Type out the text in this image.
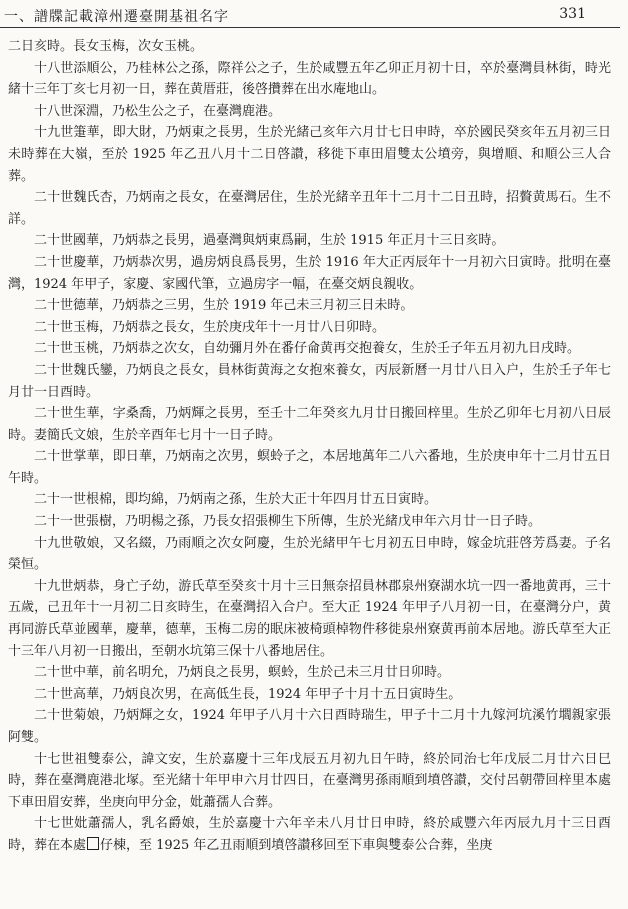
一、譜牒記載漳州遷臺開基祖名字	331

二日亥時。長女玉梅，次女玉桃。

十八世添順公，乃桂林公之孫，際祥公之子，生於咸豐五年乙卯正月初十日，卒於臺灣員林街，時光緒十三年丁亥七月初一日，葬在黄厝莊，後啓攢葬在出水庵地山。

十八世深淵，乃松生公之子，在臺灣鹿港。

十九世箑華，即大財，乃炳東之長男，生於光緒己亥年六月廿七日申時，卒於國民癸亥年五月初三日未時葬在大嶺，至於 1925 年乙丑八月十二日啓讃，移徙下車田眉雙太公墳旁，與增順、和順公三人合葬。

二十世魏氏杏，乃炳南之長女，在臺灣居住，生於光緒辛丑年十二月十二日丑時，招贅黄馬石。生不詳。

二十世國華，乃炳恭之長男，過臺灣與炳東爲嗣，生於 1915 年正月十三日亥時。

二十世慶華，乃炳恭次男，過房炳良爲長男，生於 1916 年大正丙辰年十一月初六日寅時。批明在臺灣，1924 年甲子，家慶、家國代筆，立過房字一幅，在臺交炳良親收。

二十世德華，乃炳恭之三男，生於 1919 年己未三月初三日未時。

二十世玉梅，乃炳恭之長女，生於庚戌年十一月廿八日卯時。

二十世玉桃，乃炳恭之次女，自幼彌月外在番仔侖黄再交抱養女，生於壬子年五月初九日戌時。

二十世魏氏鑾，乃炳良之長女，員林街黄海之女抱來養女，丙辰新曆一月廿八日入户，生於壬子年七月廿一日酉時。

二十世生華，字桑喬，乃炳輝之長男，至壬十二年癸亥九月廿日搬回梓里。生於乙卯年七月初八日辰時。妻簡氏文娘，生於辛酉年七月十一日子時。

二十世掌華，即日華，乃炳南之次男，螟蛉子之，本居地萬年二八六番地，生於庚申年十二月廿五日午時。

二十一世根棉，即均綿，乃炳南之孫，生於大正十年四月廿五日寅時。

二十一世張樹，乃明楊之孫，乃長女招張柳生下所傳，生於光緒戊申年六月廿一日子時。

十九世敬娘，又名綴，乃雨順之次女阿慶，生於光緒甲午七月初五日申時，嫁金坑莊啓芳爲妻。子名榮恒。

十九世炳恭，身亡子幼，游氏草至癸亥十月十三日無奈招員林郡泉州寮湖水坑一四一番地黄再，三十五歲，己丑年十一月初二日亥時生，在臺灣招入合户。至大正 1924 年甲子八月初一日，在臺灣分户，黄再同游氏草並國華，慶華，德華，玉梅二房的眠床被椅頭棹物件移徙泉州寮黄再前本居地。游氏草至大正十三年八月初一日搬出，至朝水坑第三保十八番地居住。

二十世中華，前名明允，乃炳良之長男，螟蛉，生於己未三月廿日卯時。

二十世高華，乃炳良次男，在高低生長，1924 年甲子十月十五日寅時生。

二十世菊娘，乃炳輝之女，1924 年甲子八月十六日酉時瑞生，甲子十二月十九嫁河坑溪竹壛親家張阿雙。

十七世祖雙泰公，諱文安，生於嘉慶十三年戊辰五月初九日午時，終於同治七年戊辰二月廿六日巳時，葬在臺灣鹿港北塚。至光緒十年甲申六月廿四日，在臺灣男孫雨順到墳啓讃，交付呂朝帶回梓里本處下車田眉安葬，坐庚向甲分金，妣蕭孺人合葬。

十七世妣蕭孺人，乳名爵娘，生於嘉慶十六年辛未八月廿日申時，終於咸豐六年丙辰九月十三日酉時，葬在本處 仔棟，至 1925 年乙丑雨順到墳啓讃移回至下車與雙泰公合葬，坐庚
